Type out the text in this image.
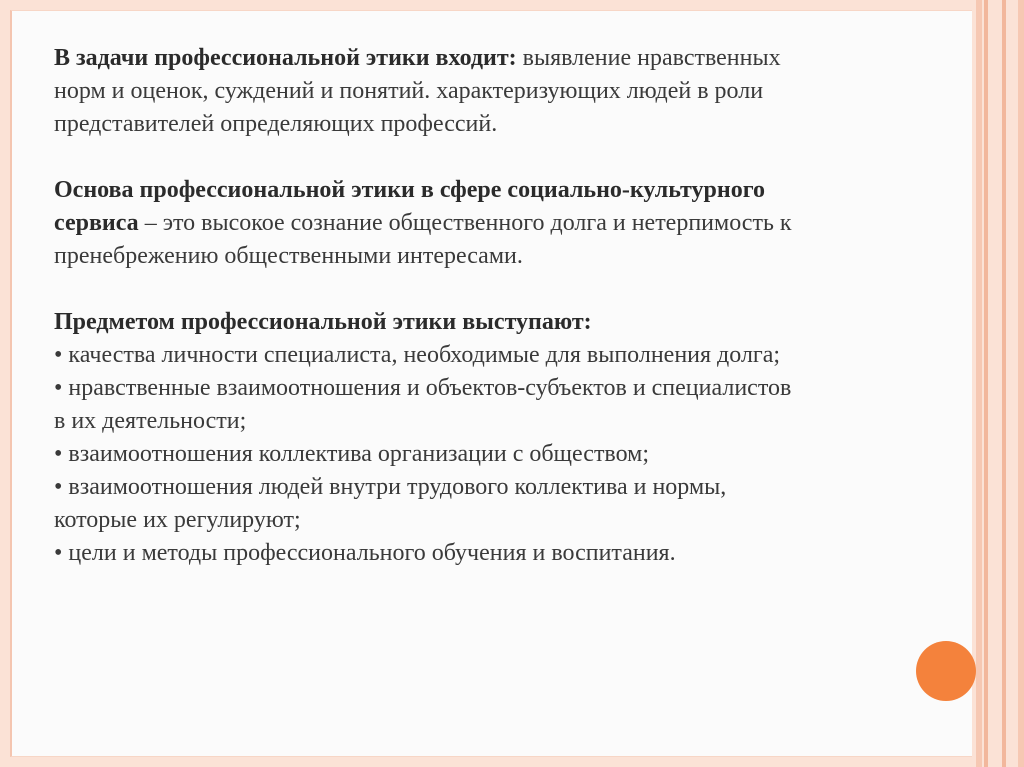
В задачи профессиональной этики входит: выявление нравственных
норм и оценок, суждений и понятий. характеризующих людей в роли
представителей определяющих профессий.
Основа профессиональной этики в сфере социально-культурного
сервиса – это высокое сознание общественного долга и нетерпимость к
пренебрежению общественными интересами.
Предметом профессиональной этики выступают:
• качества личности специалиста, необходимые для выполнения долга;
• нравственные взаимоотношения и объектов-субъектов и специалистов
в их деятельности;
• взаимоотношения коллектива организации с обществом;
• взаимоотношения людей внутри трудового коллектива и нормы,
которые их регулируют;
• цели и методы профессионального обучения и воспитания.
